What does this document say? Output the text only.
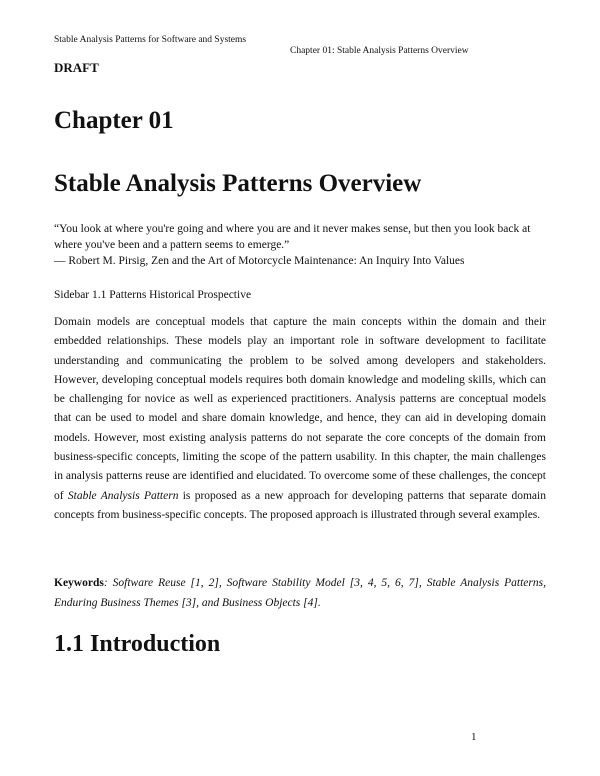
Stable Analysis Patterns for Software and Systems
Chapter 01: Stable Analysis Patterns Overview
DRAFT
Chapter 01
Stable Analysis Patterns Overview
“You look at where you're going and where you are and it never makes sense, but then you look back at where you've been and a pattern seems to emerge.”
— Robert M. Pirsig, Zen and the Art of Motorcycle Maintenance: An Inquiry Into Values
Sidebar 1.1 Patterns Historical Prospective

Domain models are conceptual models that capture the main concepts within the domain and their embedded relationships. These models play an important role in software development to facilitate understanding and communicating the problem to be solved among developers and stakeholders. However, developing conceptual models requires both domain knowledge and modeling skills, which can be challenging for novice as well as experienced practitioners. Analysis patterns are conceptual models that can be used to model and share domain knowledge, and hence, they can aid in developing domain models. However, most existing analysis patterns do not separate the core concepts of the domain from business-specific concepts, limiting the scope of the pattern usability. In this chapter, the main challenges in analysis patterns reuse are identified and elucidated. To overcome some of these challenges, the concept of Stable Analysis Pattern is proposed as a new approach for developing patterns that separate domain concepts from business-specific concepts. The proposed approach is illustrated through several examples.

Keywords: Software Reuse [1, 2], Software Stability Model [3, 4, 5, 6, 7], Stable Analysis Patterns, Enduring Business Themes [3], and Business Objects [4].

1.1 Introduction
1
